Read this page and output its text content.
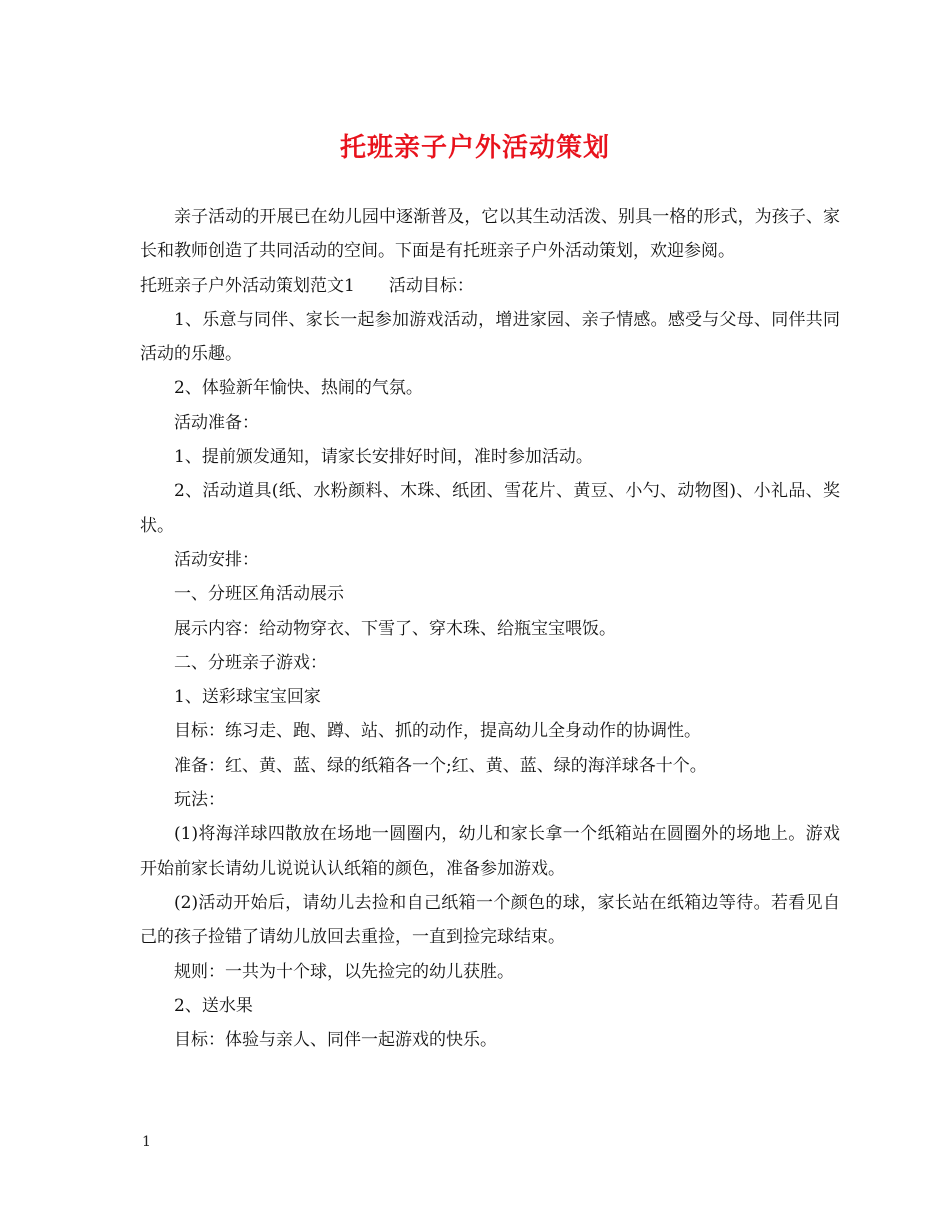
托班亲子户外活动策划

亲子活动的开展已在幼儿园中逐渐普及，它以其生动活泼、别具一格的形式，为孩子、家长和教师创造了共同活动的空间。下面是有托班亲子户外活动策划，欢迎参阅。

托班亲子户外活动策划范文1 活动目标：

1、乐意与同伴、家长一起参加游戏活动，增进家园、亲子情感。感受与父母、同伴共同活动的乐趣。

2、体验新年愉快、热闹的气氛。

活动准备：

1、提前颁发通知，请家长安排好时间，准时参加活动。

2、活动道具(纸、水粉颜料、木珠、纸团、雪花片、黄豆、小勺、动物图)、小礼品、奖状。

活动安排：

一、分班区角活动展示

展示内容：给动物穿衣、下雪了、穿木珠、给瓶宝宝喂饭。

二、分班亲子游戏：

1、送彩球宝宝回家

目标：练习走、跑、蹲、站、抓的动作，提高幼儿全身动作的协调性。

准备：红、黄、蓝、绿的纸箱各一个;红、黄、蓝、绿的海洋球各十个。

玩法：

(1)将海洋球四散放在场地一圆圈内，幼儿和家长拿一个纸箱站在圆圈外的场地上。游戏开始前家长请幼儿说说认认纸箱的颜色，准备参加游戏。

(2)活动开始后，请幼儿去捡和自己纸箱一个颜色的球，家长站在纸箱边等待。若看见自己的孩子捡错了请幼儿放回去重捡，一直到捡完球结束。

规则：一共为十个球，以先捡完的幼儿获胜。

2、送水果

目标：体验与亲人、同伴一起游戏的快乐。

1
